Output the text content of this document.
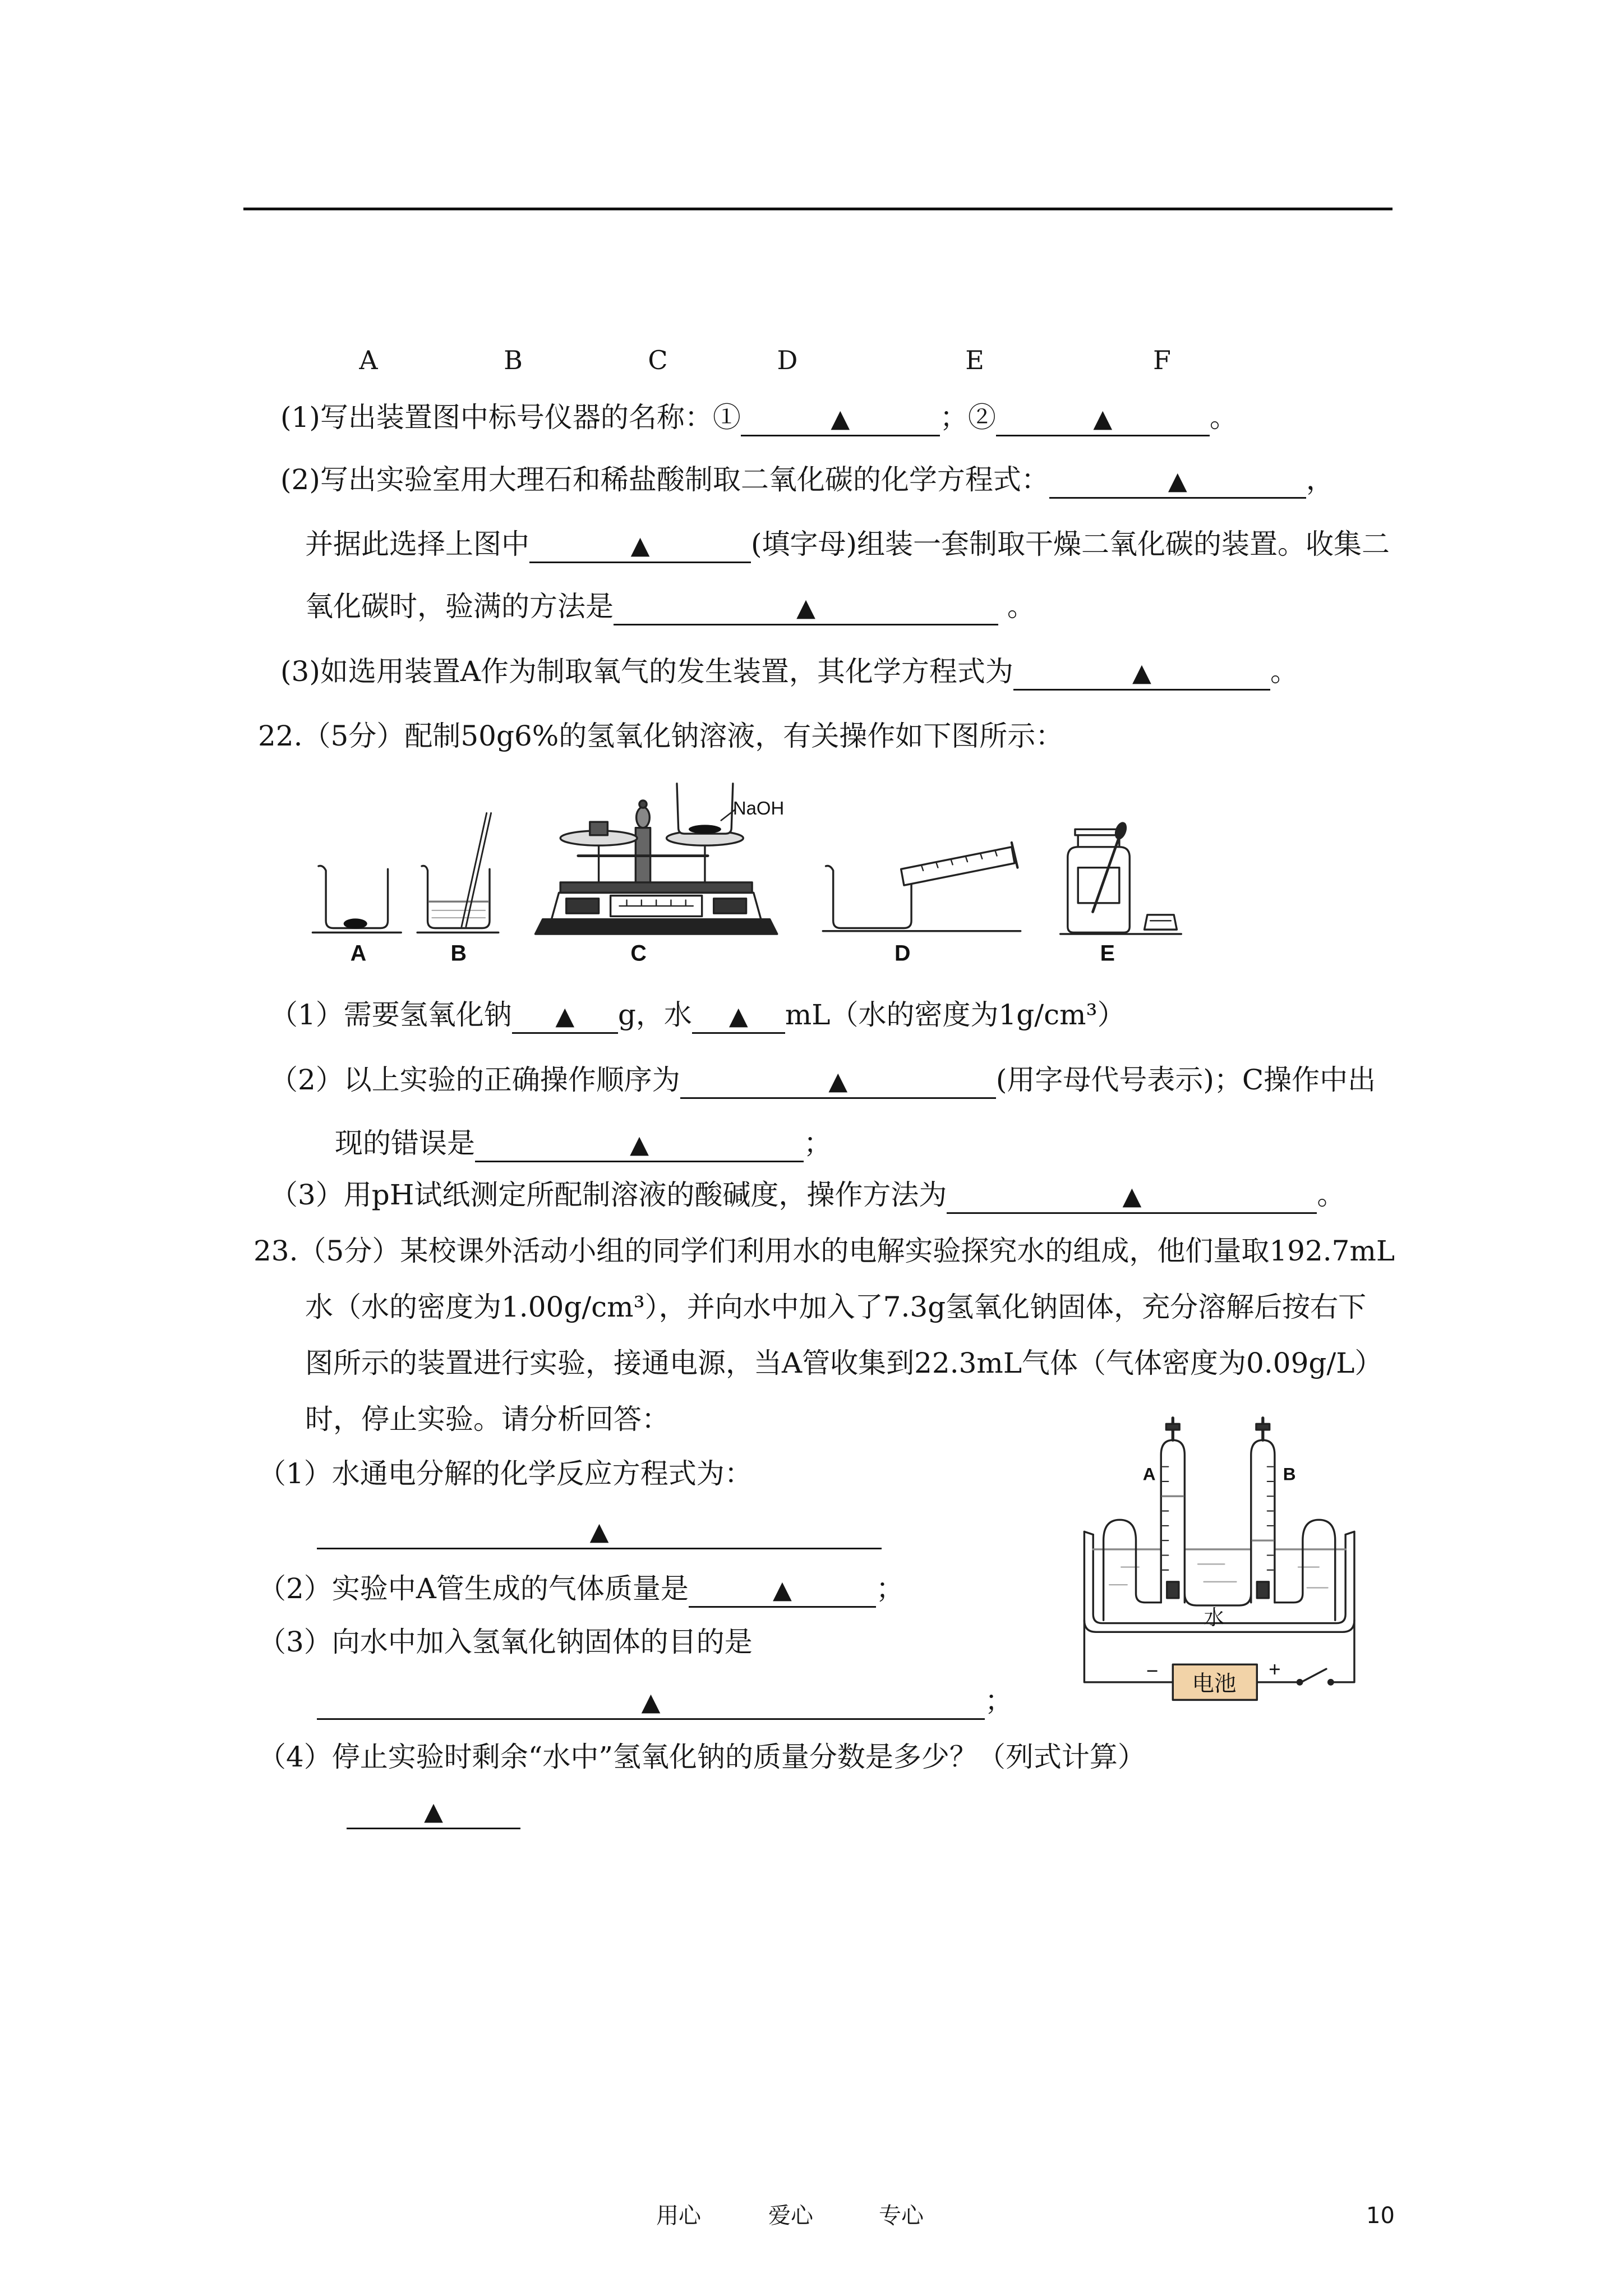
A	B	C	D	E	F
(1)写出装置图中标号仪器的名称：①	▲	；②	▲	。
(2)写出实验室用大理石和稀盐酸制取二氧化碳的化学方程式：	▲	，
并据此选择上图中	▲	(填字母)组装一套制取干燥二氧化碳的装置。收集二
氧化碳时，验满的方法是	▲	。
(3)如选用装置A作为制取氧气的发生装置，其化学方程式为	▲	。
22.（5分）配制50g6%的氢氧化钠溶液，有关操作如下图所示：
NaOH
A	B	C	D	E
（1）需要氢氧化钠	▲	g，水	▲	mL（水的密度为1g/cm³）
（2）以上实验的正确操作顺序为	▲	(用字母代号表示)；C操作中出
现的错误是	▲	；
（3）用pH试纸测定所配制溶液的酸碱度，操作方法为	▲	。
23.（5分）某校课外活动小组的同学们利用水的电解实验探究水的组成，他们量取192.7mL
水（水的密度为1.00g/cm³），并向水中加入了7.3g氢氧化钠固体，充分溶解后按右下
图所示的装置进行实验，接通电源，当A管收集到22.3mL气体（气体密度为0.09g/L）
时，停止实验。请分析回答：
（1）水通电分解的化学反应方程式为：
▲
（2）实验中A管生成的气体质量是	▲	；
（3）向水中加入氢氧化钠固体的目的是
▲	；
（4）停止实验时剩余“水中”氢氧化钠的质量分数是多少？（列式计算）
▲
A	B
水
电池
−	+
用心	爱心	专心	10
